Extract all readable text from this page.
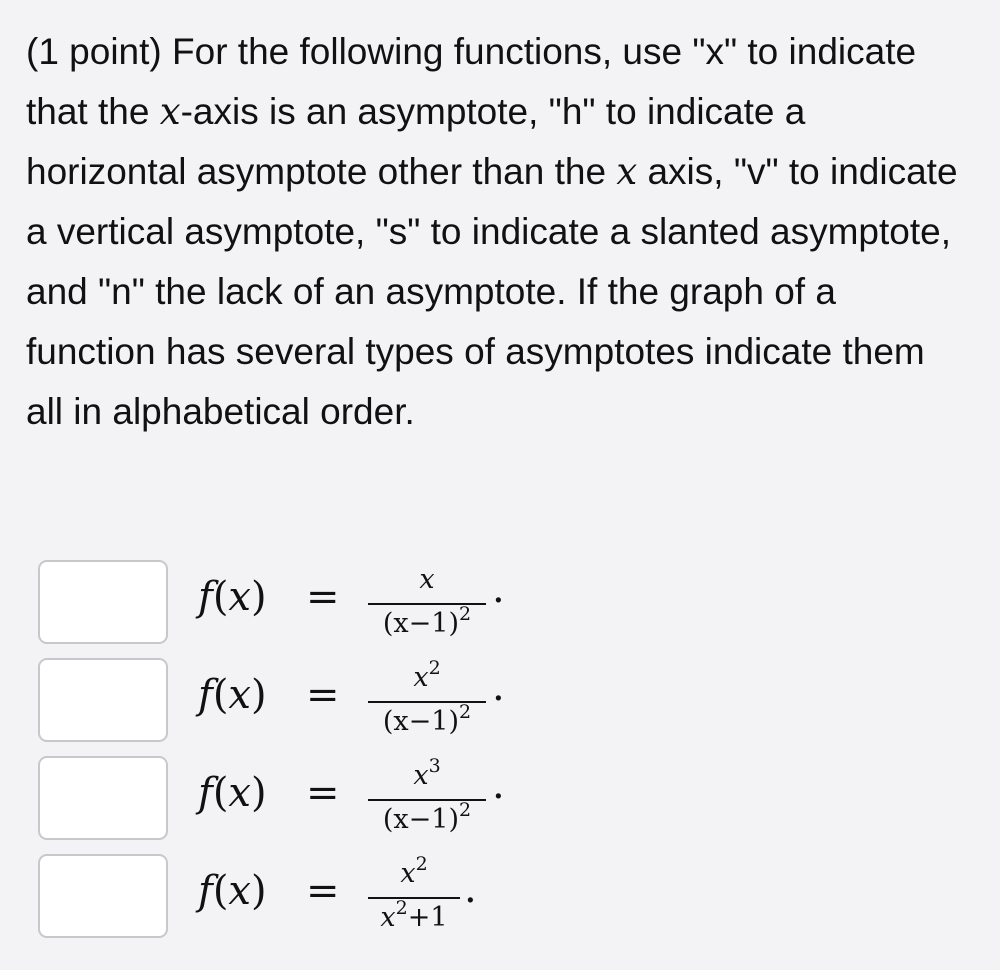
(1 point) For the following functions, use "x" to indicate that the x-axis is an asymptote, "h" to indicate a horizontal asymptote other than the x axis, "v" to indicate a vertical asymptote, "s" to indicate a slanted asymptote, and "n" the lack of an asymptote. If the graph of a function has several types of asymptotes indicate them all in alphabetical order.
f(x) =	x
$(x-1)^2$
.
f(x) =	$x^2$
$(x-1)^2$
.
f(x) =	$x^3$
$(x-1)^2$
.
f(x) =	$x^2$
$x^2+1$
.
